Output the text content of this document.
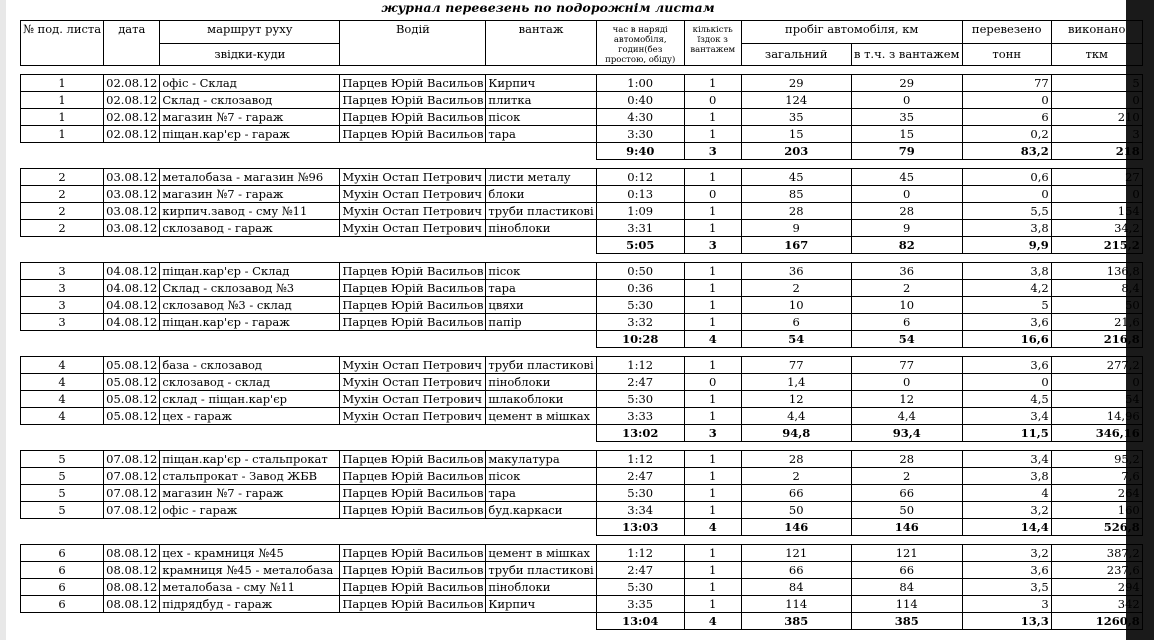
журнал перевезень по подорожнім листам
№ под. листа	дата	маршрут руху	Водій	вантаж	час в наряді автомобіля, годин(без простою, обіду)	кількість їздок з вантажем	пробіг автомобіля, км		перевезено	виконано
		звідки-куди					загальний	в т.ч. з вантажем	тонн	ткм

1	02.08.12	офіс - Склад	Парцев Юрій Васильов	Кирпич	1:00	1	29	29	77	5
1	02.08.12	Склад - склозавод	Парцев Юрій Васильов	плитка	0:40	0	124	0	0	0
1	02.08.12	магазин №7 - гараж	Парцев Юрій Васильов	пісок	4:30	1	35	35	6	210
1	02.08.12	піщан.кар'єр - гараж	Парцев Юрій Васильов	тара	3:30	1	15	15	0,2	3
					9:40	3	203	79	83,2	218

2	03.08.12	металобаза - магазин №96	Мухін Остап Петрович	листи металу	0:12	1	45	45	0,6	27
2	03.08.12	магазин №7 - гараж	Мухін Остап Петрович	блоки	0:13	0	85	0	0	0
2	03.08.12	кирпич.завод - сму №11	Мухін Остап Петрович	труби пластикові	1:09	1	28	28	5,5	154
2	03.08.12	склозавод - гараж	Мухін Остап Петрович	піноблоки	3:31	1	9	9	3,8	34,2
					5:05	3	167	82	9,9	215,2

3	04.08.12	піщан.кар'єр - Склад	Парцев Юрій Васильов	пісок	0:50	1	36	36	3,8	136,8
3	04.08.12	Склад - склозавод №3	Парцев Юрій Васильов	тара	0:36	1	2	2	4,2	8,4
3	04.08.12	склозавод №3 - склад	Парцев Юрій Васильов	цвяхи	5:30	1	10	10	5	50
3	04.08.12	піщан.кар'єр - гараж	Парцев Юрій Васильов	папір	3:32	1	6	6	3,6	21,6
					10:28	4	54	54	16,6	216,8

4	05.08.12	база - склозавод	Мухін Остап Петрович	труби пластикові	1:12	1	77	77	3,6	277,2
4	05.08.12	склозавод - склад	Мухін Остап Петрович	піноблоки	2:47	0	1,4	0	0	0
4	05.08.12	склад - піщан.кар'єр	Мухін Остап Петрович	шлакоблоки	5:30	1	12	12	4,5	54
4	05.08.12	цех - гараж	Мухін Остап Петрович	цемент в мішках	3:33	1	4,4	4,4	3,4	14,96
					13:02	3	94,8	93,4	11,5	346,16

5	07.08.12	піщан.кар'єр - стальпрокат	Парцев Юрій Васильов	макулатура	1:12	1	28	28	3,4	95,2
5	07.08.12	стальпрокат - Завод ЖБВ	Парцев Юрій Васильов	пісок	2:47	1	2	2	3,8	7,6
5	07.08.12	магазин №7 - гараж	Парцев Юрій Васильов	тара	5:30	1	66	66	4	264
5	07.08.12	офіс - гараж	Парцев Юрій Васильов	буд.каркаси	3:34	1	50	50	3,2	160
					13:03	4	146	146	14,4	526,8

6	08.08.12	цех - крамниця №45	Парцев Юрій Васильов	цемент в мішках	1:12	1	121	121	3,2	387,2
6	08.08.12	крамниця №45 - металобаза	Парцев Юрій Васильов	труби пластикові	2:47	1	66	66	3,6	237,6
6	08.08.12	металобаза - сму №11	Парцев Юрій Васильов	піноблоки	5:30	1	84	84	3,5	294
6	08.08.12	підрядбуд - гараж	Парцев Юрій Васильов	Кирпич	3:35	1	114	114	3	342
					13:04	4	385	385	13,3	1260,8
